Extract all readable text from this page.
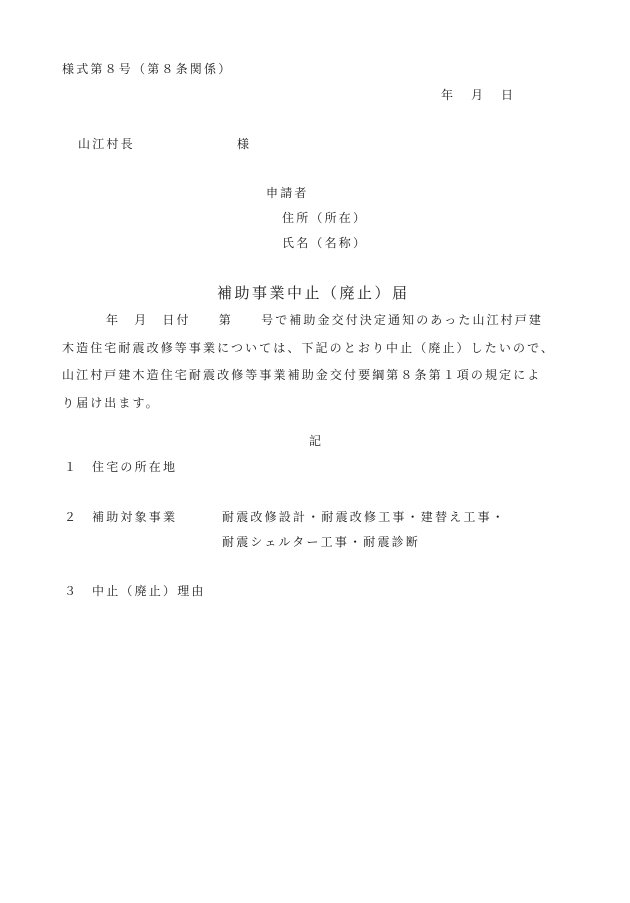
様式第８号（第８条関係）
年 月 日
山江村長	様
申請者
住所（所在）
氏名（名称）
補助事業中止（廃止）届
年　月　日付　　第　　号で補助金交付決定通知のあった山江村戸建
木造住宅耐震改修等事業については、下記のとおり中止（廃止）したいので、
山江村戸建木造住宅耐震改修等事業補助金交付要綱第８条第１項の規定によ
り届け出ます。
記
１ 住宅の所在地
２ 補助対象事業	耐震改修設計・耐震改修工事・建替え工事・
耐震シェルター工事・耐震診断
３ 中止（廃止）理由
